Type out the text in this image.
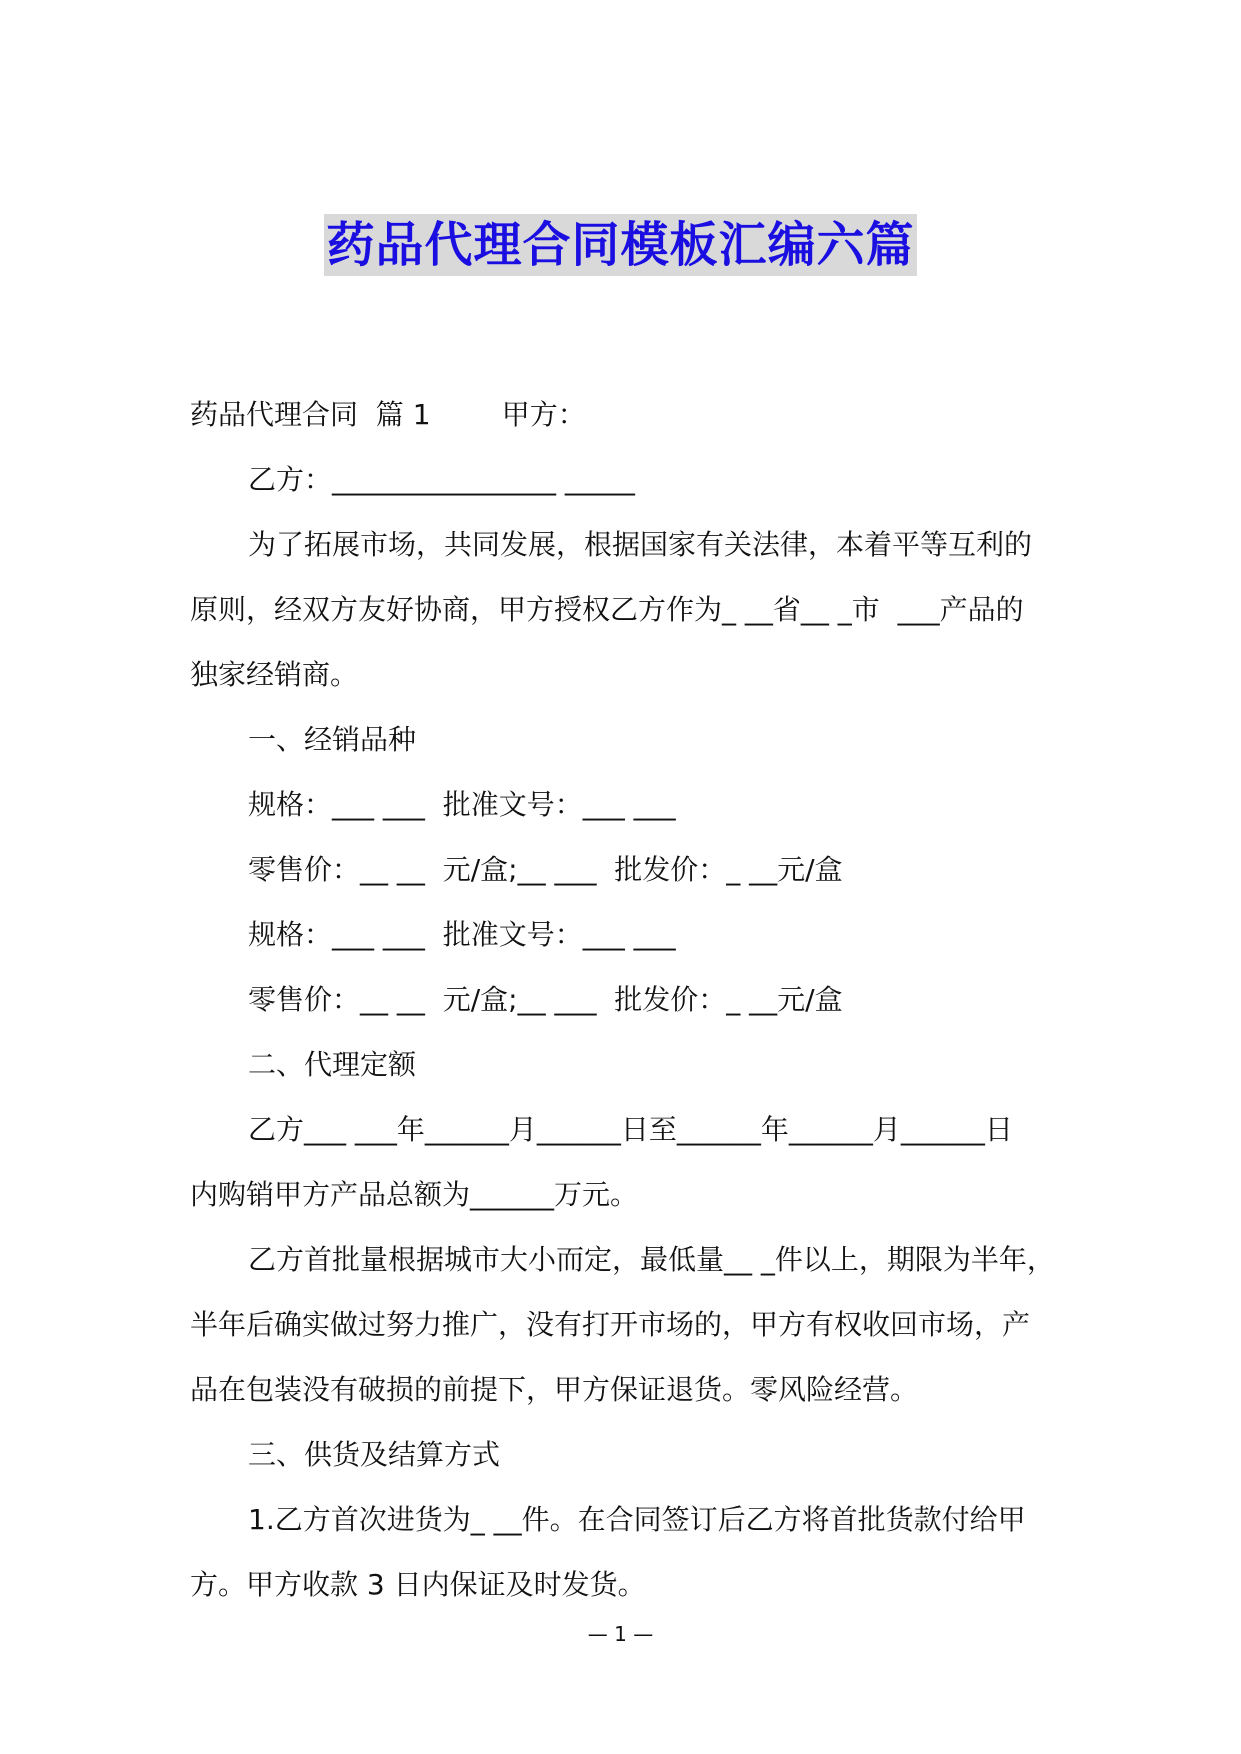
药品代理合同模板汇编六篇
药品代理合同  篇 1        甲方：
乙方：________________ _____
为了拓展市场，共同发展，根据国家有关法律，本着平等互利的
原则，经双方友好协商，甲方授权乙方作为_ __省__ _市  ___产品的
独家经销商。
一、经销品种
规格：___ ___  批准文号：___ ___
零售价：__ __  元/盒;__ ___  批发价：_ __元/盒
规格：___ ___  批准文号：___ ___
零售价：__ __  元/盒;__ ___  批发价：_ __元/盒
二、代理定额
乙方___ ___年______月______日至______年______月______日
内购销甲方产品总额为______万元。
乙方首批量根据城市大小而定，最低量__ _件以上，期限为半年，
半年后确实做过努力推广，没有打开市场的，甲方有权收回市场，产
品在包装没有破损的前提下，甲方保证退货。零风险经营。
三、供货及结算方式
1.乙方首次进货为_ __件。在合同签订后乙方将首批货款付给甲
方。甲方收款 3 日内保证及时发货。
— 1 —
